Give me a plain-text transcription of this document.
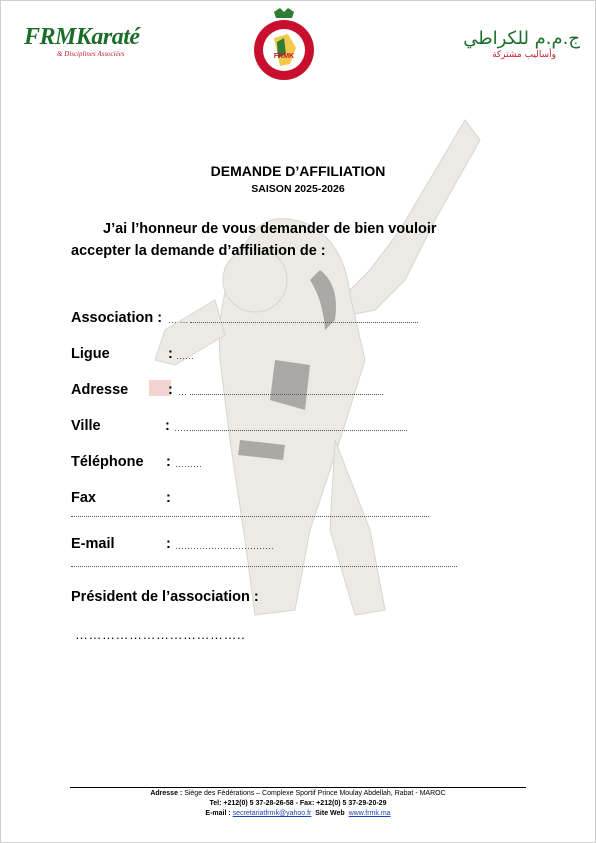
FRMKaraté
& Disciplines Associées	FRMK
ج.م.م للكراطي
وأساليب مشتركة
DEMANDE D’AFFILIATION
SAISON 2025-2026
J’ai l’honneur de vous demander de bien vouloir
accepter la demande d’affiliation de :
Association : … …
Ligue	: ……
Adresse	: …
Ville	: ……
Téléphone : ………
Fax	:
E-mail	: ……………………………
Président de l’association :
………………………………..
Adresse : Siège des Fédérations – Complexe Sportif Prince Moulay Abdellah, Rabat - MAROC
Tel: +212(0) 5 37-28-26-58 - Fax: +212(0) 5 37-29-20-29
E-mail : secretariatfrmk@yahoo.fr Site Web www.frmk.ma
